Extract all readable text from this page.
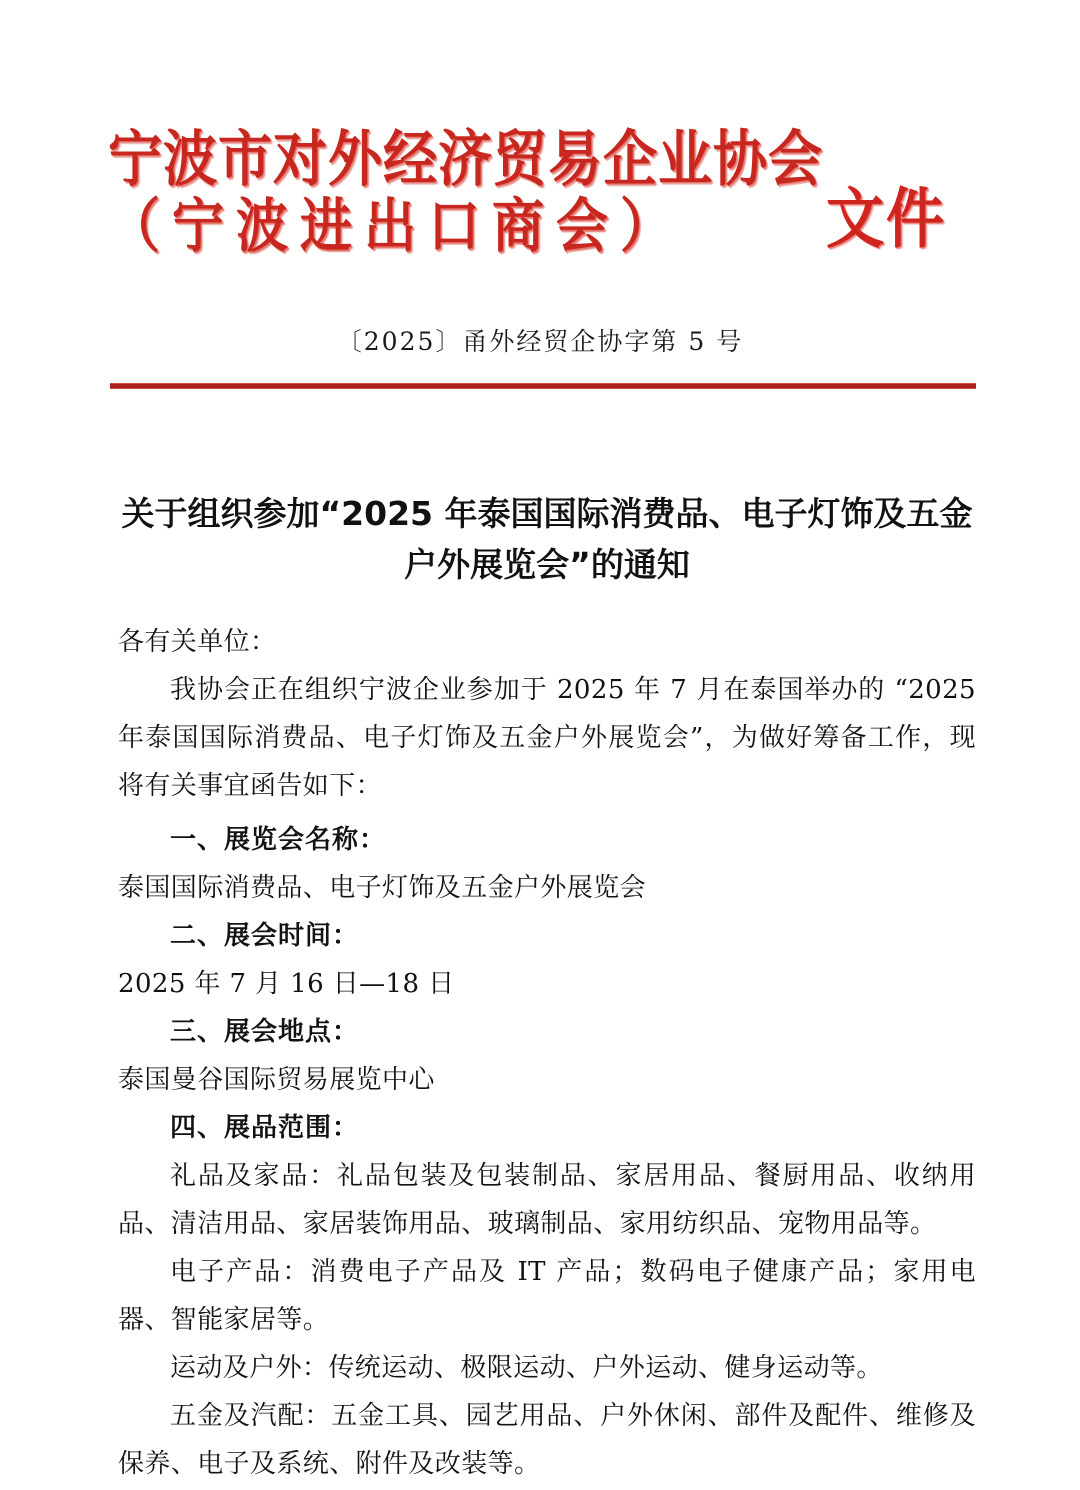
宁波市对外经济贸易企业协会
（宁波进出口商会）	文件
〔2025〕甬外经贸企协字第 5 号
关于组织参加“2025 年泰国国际消费品、电子灯饰及五金户外展览会”的通知

各有关单位：

我协会正在组织宁波企业参加于 2025 年 7 月在泰国举办的 “2025 年泰国国际消费品、电子灯饰及五金户外展览会”，为做好筹备工作，现将有关事宜函告如下：

一、展览会名称：

泰国国际消费品、电子灯饰及五金户外展览会

二、展会时间：

2025 年 7 月 16 日—18 日

三、展会地点：

泰国曼谷国际贸易展览中心

四、展品范围：

礼品及家品：礼品包装及包装制品、家居用品、餐厨用品、收纳用品、清洁用品、家居装饰用品、玻璃制品、家用纺织品、宠物用品等。

电子产品：消费电子产品及 IT 产品；数码电子健康产品；家用电器、智能家居等。

运动及户外：传统运动、极限运动、户外运动、健身运动等。

五金及汽配：五金工具、园艺用品、户外休闲、部件及配件、维修及保养、电子及系统、附件及改装等。
